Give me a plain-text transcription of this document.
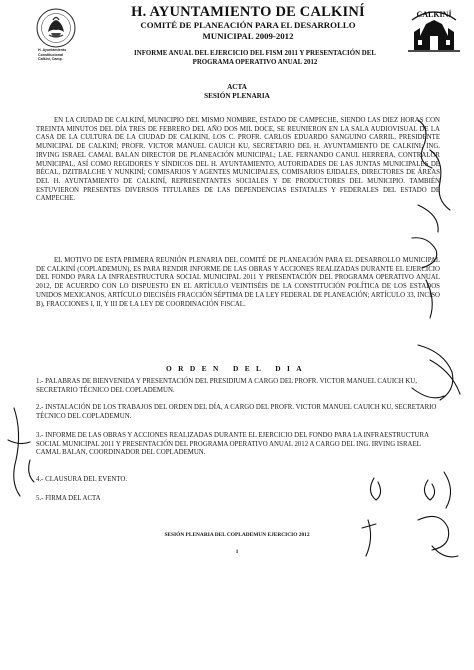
H. Ayuntamiento
Constitucional
Calkiní, Camp.
CALKINÍ
H. AYUNTAMIENTO DE CALKINÍ
COMITÉ DE PLANEACIÓN PARA EL DESARROLLO
MUNICIPAL 2009-2012
INFORME ANUAL DEL EJERCICIO DEL FISM 2011 Y PRESENTACIÓN DEL
PROGRAMA OPERATIVO ANUAL 2012
ACTA
SESIÓN PLENARIA
EN LA CIUDAD DE CALKINÍ, MUNICIPIO DEL MISMO NOMBRE, ESTADO DE CAMPECHE, SIENDO LAS DIEZ HORAS CON TREINTA MINUTOS DEL DÍA TRES DE FEBRERO DEL AÑO DOS MIL DOCE, SE REUNIERON EN LA SALA AUDIOVISUAL DE LA CASA DE LA CULTURA DE LA CIUDAD DE CALKINI, LOS C. PROFR. CARLOS EDUARDO SANGUINO CARRIL, PRESIDENTE MUNICIPAL DE CALKINÍ; PROFR. VICTOR MANUEL CAUICH KU, SECRETARIO DEL H. AYUNTAMIENTO DE CALKINI; ING. IRVING ISRAEL CAMAL BALAN DIRECTOR DE PLANEACIÓN MUNICIPAL; LAE. FERNANDO CANUL HERRERA, CONTRALOR MUNICIPAL, ASÍ COMO REGIDORES Y SÍNDICOS DEL H. AYUNTAMIENTO, AUTORIDADES DE LAS JUNTAS MUNICIPALES DE BÉCAL, DZITBALCHE Y NUNKINÍ; COMISARIOS Y AGENTES MUNICIPALES, COMISARIOS EJIDALES, DIRECTORES DE ÁREAS DEL H. AYUNTAMIENTO DE CALKINÍ, REPRESENTANTES SOCIALES Y DE PRODUCTORES DEL MUNICIPIO. TAMBIÉN ESTUVIERON PRESENTES DIVERSOS TITULARES DE LAS DEPENDENCIAS ESTATALES Y FEDERALES DEL ESTADO DE CAMPECHE.
EL MOTIVO DE ESTA PRIMERA REUNIÓN PLENARIA DEL COMITÉ DE PLANEACIÓN PARA EL DESARROLLO MUNICIPAL DE CALKINÍ (COPLADEMUN), ES PARA RENDIR INFORME DE LAS OBRAS Y ACCIONES REALIZADAS DURANTE EL EJERCICIO DEL FONDO PARA LA INFRAESTRUCTURA SOCIAL MUNICIPAL 2011 Y PRESENTACIÓN DEL PROGRAMA OPERATIVO ANUAL 2012, DE ACUERDO CON LO DISPUESTO EN EL ARTÍCULO VEINTISÉIS DE LA CONSTITUCIÓN POLÍTICA DE LOS ESTADOS UNIDOS MEXICANOS, ARTÍCULO DIECISÉIS FRACCIÓN SÉPTIMA DE LA LEY FEDERAL DE PLANEACIÓN; ARTÍCULO 33, INCISO B), FRACCIONES I, II, Y III DE LA LEY DE COORDINACIÓN FISCAL.
ORDEN DEL DIA
1.- PALABRAS DE BIENVENIDA Y PRESENTACIÓN DEL PRESIDIUM A CARGO DEL PROFR. VICTOR MANUEL CAUICH KU, SECRETARIO TÉCNICO DEL COPLADEMUN.
2.- INSTALACIÓN DE LOS TRABAJOS DEL ORDEN DEL DÍA, A CARGO DEL PROFR. VICTOR MANUEL CAUICH KU, SECRETARIO TÉCNICO DEL COPLADEMUN.
3.- INFORME DE LAS OBRAS Y ACCIONES REALIZADAS DURANTE EL EJERCICIO DEL FONDO PARA LA INFRAESTRUCTURA SOCIAL MUNICIPAL 2011 Y PRESENTACIÓN DEL PROGRAMA OPERATIVO ANUAL 2012 A CARGO DEL ING. IRVING ISRAEL CAMAL BALAN, COORDINADOR DEL COPLADEMUN.
4.- CLAUSURA DEL EVENTO.
5.- FIRMA DEL ACTA
SESIÓN PLENARIA DEL COPLADEMUN EJERCICIO 2012
1
